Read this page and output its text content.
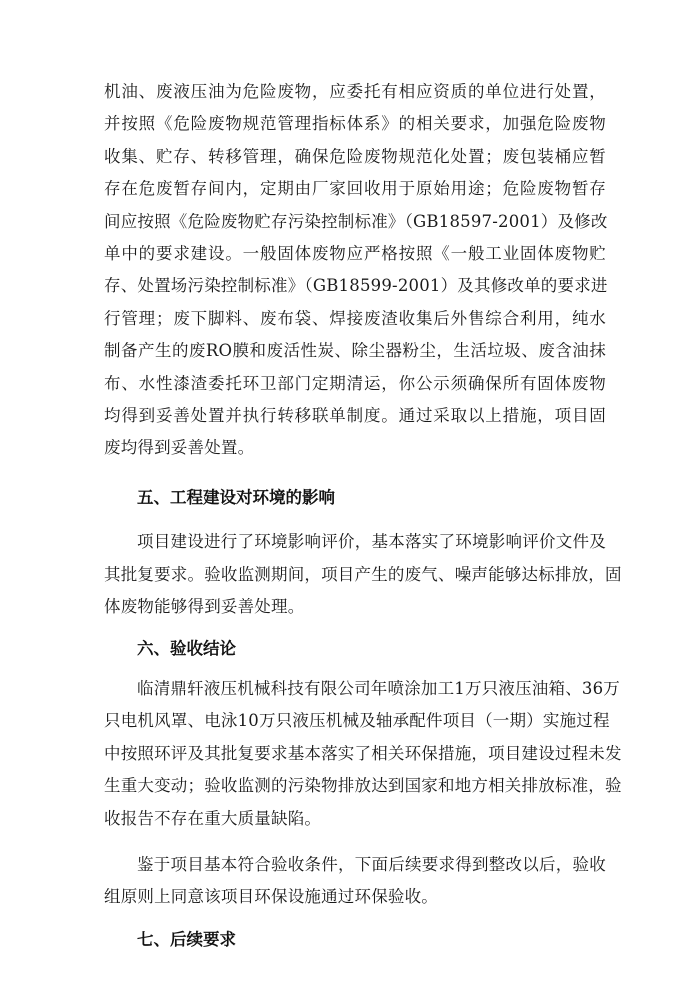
机油、废液压油为危险废物，应委托有相应资质的单位进行处置，
并按照《危险废物规范管理指标体系》的相关要求，加强危险废物
收集、贮存、转移管理，确保危险废物规范化处置；废包装桶应暂
存在危废暂存间内，定期由厂家回收用于原始用途；危险废物暂存
间应按照《危险废物贮存污染控制标准》（GB18597-2001）及修改
单中的要求建设。一般固体废物应严格按照《一般工业固体废物贮
存、处置场污染控制标准》（GB18599-2001）及其修改单的要求进
行管理；废下脚料、废布袋、焊接废渣收集后外售综合利用，纯水
制备产生的废RO膜和废活性炭、除尘器粉尘，生活垃圾、废含油抹
布、水性漆渣委托环卫部门定期清运，你公示须确保所有固体废物
均得到妥善处置并执行转移联单制度。通过采取以上措施，项目固
废均得到妥善处置。
五、工程建设对环境的影响
项目建设进行了环境影响评价，基本落实了环境影响评价文件及
其批复要求。验收监测期间，项目产生的废气、噪声能够达标排放，固
体废物能够得到妥善处理。
六、验收结论
临清鼎轩液压机械科技有限公司年喷涂加工1万只液压油箱、36万
只电机风罩、电泳10万只液压机械及轴承配件项目（一期）实施过程
中按照环评及其批复要求基本落实了相关环保措施，项目建设过程未发
生重大变动；验收监测的污染物排放达到国家和地方相关排放标准，验
收报告不存在重大质量缺陷。
鉴于项目基本符合验收条件，下面后续要求得到整改以后，验收
组原则上同意该项目环保设施通过环保验收。
七、后续要求
